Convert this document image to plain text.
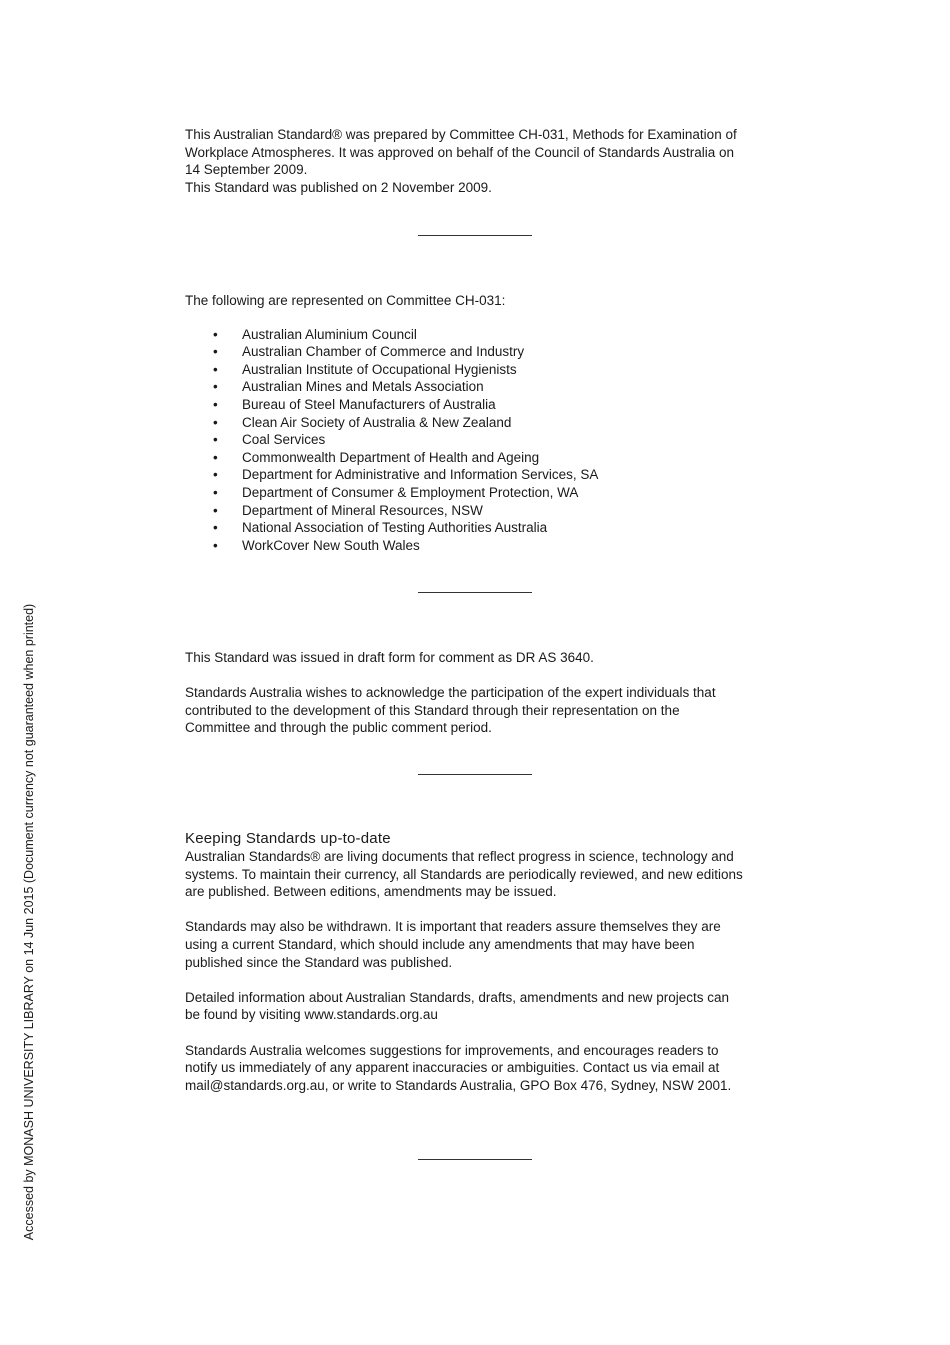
This Australian Standard® was prepared by Committee CH-031, Methods for Examination of

Workplace Atmospheres. It was approved on behalf of the Council of Standards Australia on

14 September 2009.

This Standard was published on 2 November 2009.

The following are represented on Committee CH-031:

• Australian Aluminium Council
• Australian Chamber of Commerce and Industry
• Australian Institute of Occupational Hygienists
• Australian Mines and Metals Association
• Bureau of Steel Manufacturers of Australia
• Clean Air Society of Australia & New Zealand
• Coal Services
• Commonwealth Department of Health and Ageing
• Department for Administrative and Information Services, SA
• Department of Consumer & Employment Protection, WA
• Department of Mineral Resources, NSW
• National Association of Testing Authorities Australia
• WorkCover New South Wales

This Standard was issued in draft form for comment as DR AS 3640.

Standards Australia wishes to acknowledge the participation of the expert individuals that

contributed to the development of this Standard through their representation on the

Committee and through the public comment period.

Keeping Standards up-to-date

Australian Standards® are living documents that reflect progress in science, technology and

systems. To maintain their currency, all Standards are periodically reviewed, and new editions

are published. Between editions, amendments may be issued.

Standards may also be withdrawn. It is important that readers assure themselves they are

using a current Standard, which should include any amendments that may have been

published since the Standard was published.

Detailed information about Australian Standards, drafts, amendments and new projects can

be found by visiting www.standards.org.au

Standards Australia welcomes suggestions for improvements, and encourages readers to

notify us immediately of any apparent inaccuracies or ambiguities. Contact us via email at

mail@standards.org.au, or write to Standards Australia, GPO Box 476, Sydney, NSW 2001.

Accessed by MONASH UNIVERSITY LIBRARY on 14 Jun 2015 (Document currency not guaranteed when printed)
